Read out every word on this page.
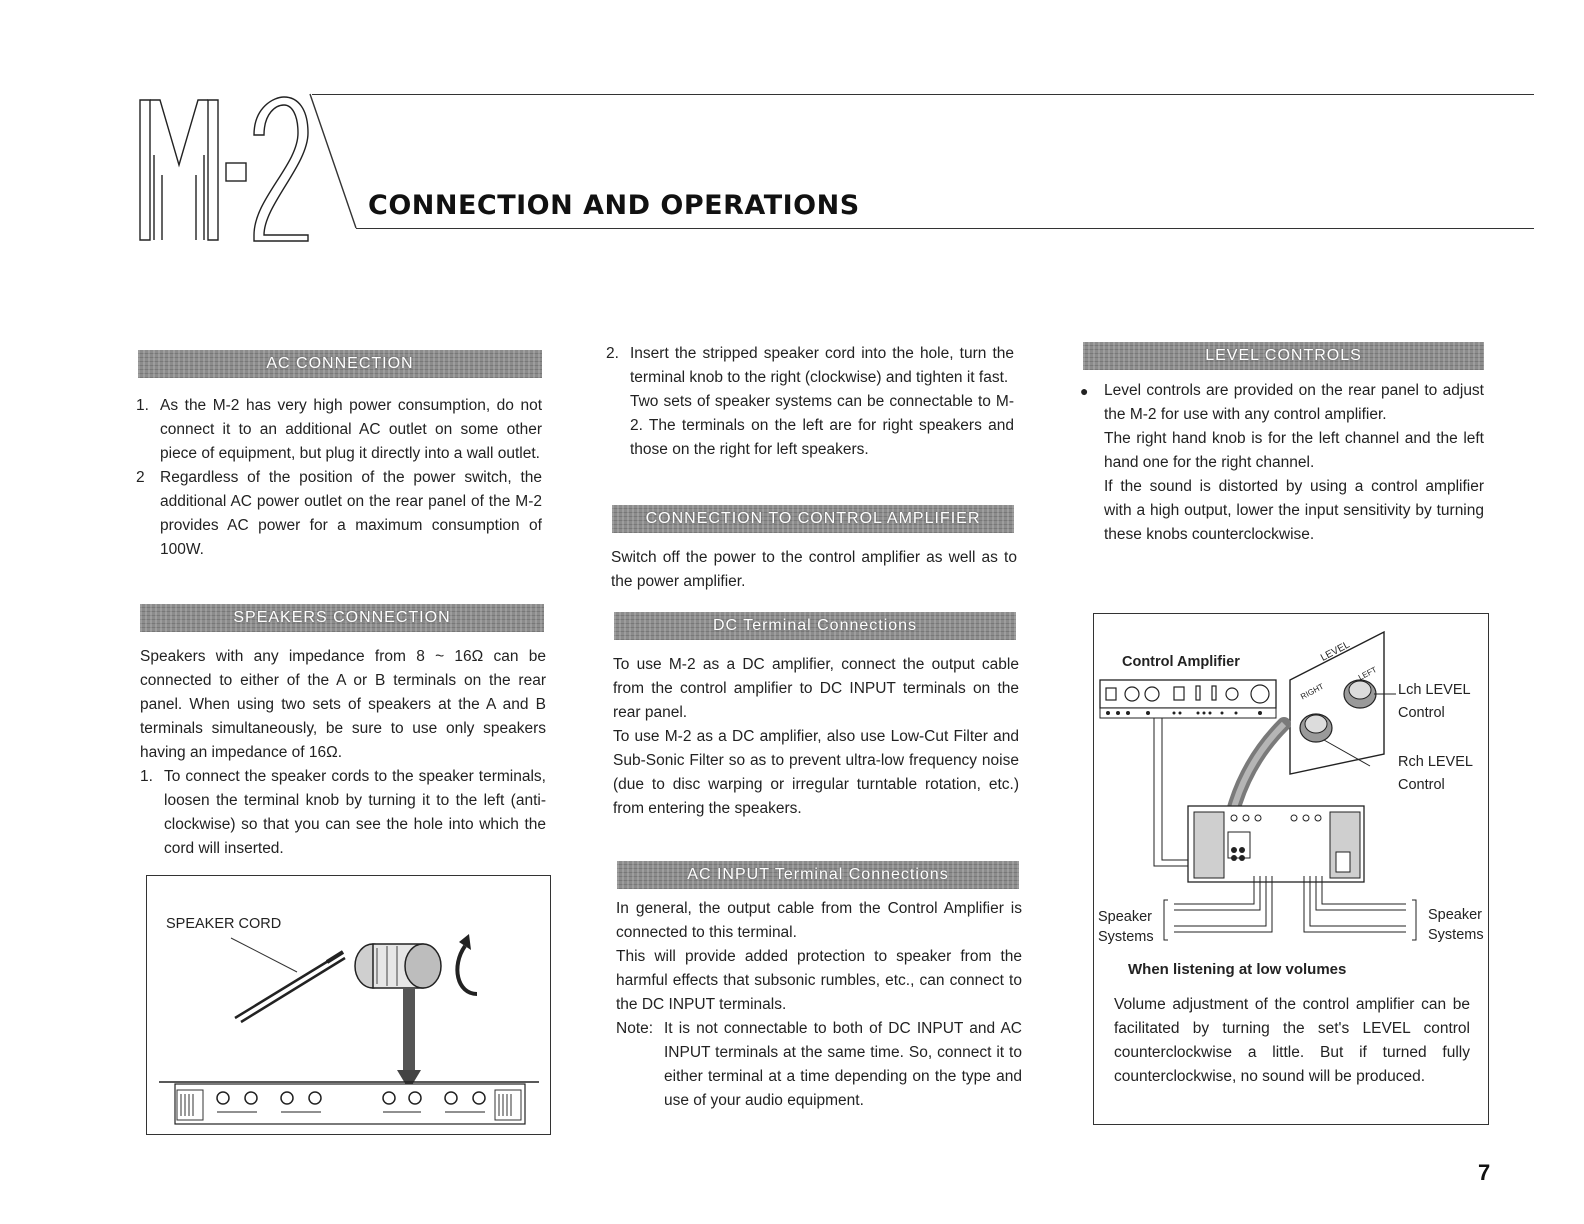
CONNECTION AND OPERATIONS
AC CONNECTION
1. As the M-2 has very high power consumption, do not connect it to an additional AC outlet on some other piece of equipment, but plug it directly into a wall outlet.

2 Regardless of the position of the power switch, the additional AC power outlet on the rear panel of the M-2 provides AC power for a maximum consumption of 100W.

SPEAKERS CONNECTION

Speakers with any impedance from 8 ~ 16Ω can be connected to either of the A or B terminals on the rear panel. When using two sets of speakers at the A and B terminals simultaneously, be sure to use only speakers having an impedance of 16Ω.

1. To connect the speaker cords to the speaker terminals, loosen the terminal knob by turning it to the left (anti-clockwise) so that you can see the hole into which the cord will inserted.

SPEAKER CORD
2. Insert the stripped speaker cord into the hole, turn the terminal knob to the right (clockwise) and tighten it fast.

Two sets of speaker systems can be connectable to M-2. The terminals on the left are for right speakers and those on the right for left speakers.

CONNECTION TO CONTROL AMPLIFIER
Switch off the power to the control amplifier as well as to the power amplifier.
DC Terminal Connections

To use M-2 as a DC amplifier, connect the output cable from the control amplifier to DC INPUT terminals on the rear panel.

To use M-2 as a DC amplifier, also use Low-Cut Filter and Sub-Sonic Filter so as to prevent ultra-low frequency noise (due to disc warping or irregular turntable rotation, etc.) from entering the speakers.

AC INPUT Terminal Connections

In general, the output cable from the Control Amplifier is connected to this terminal.

This will provide added protection to speaker from the harmful effects that subsonic rumbles, etc., can connect to the DC INPUT terminals.

Note: It is not connectable to both of DC INPUT and AC INPUT terminals at the same time. So, connect it to either terminal at a time depending on the type and use of your audio equipment.

LEVEL CONTROLS
● Level controls are provided on the rear panel to adjust the M-2 for use with any control amplifier.

The right hand knob is for the left channel and the left hand one for the right channel.

If the sound is distorted by using a control amplifier with a high output, lower the input sensitivity by turning these knobs counterclockwise.

Control Amplifier	LEVEL
LEFT
RIGHT	Lch LEVEL
Control
Rch LEVEL
Control
Speaker
Systems
Speaker
Systems
When listening at low volumes
Volume adjustment of the control amplifier can be facilitated by turning the set's LEVEL control counterclockwise a little. But if turned fully counterclockwise, no sound will be produced.
7
